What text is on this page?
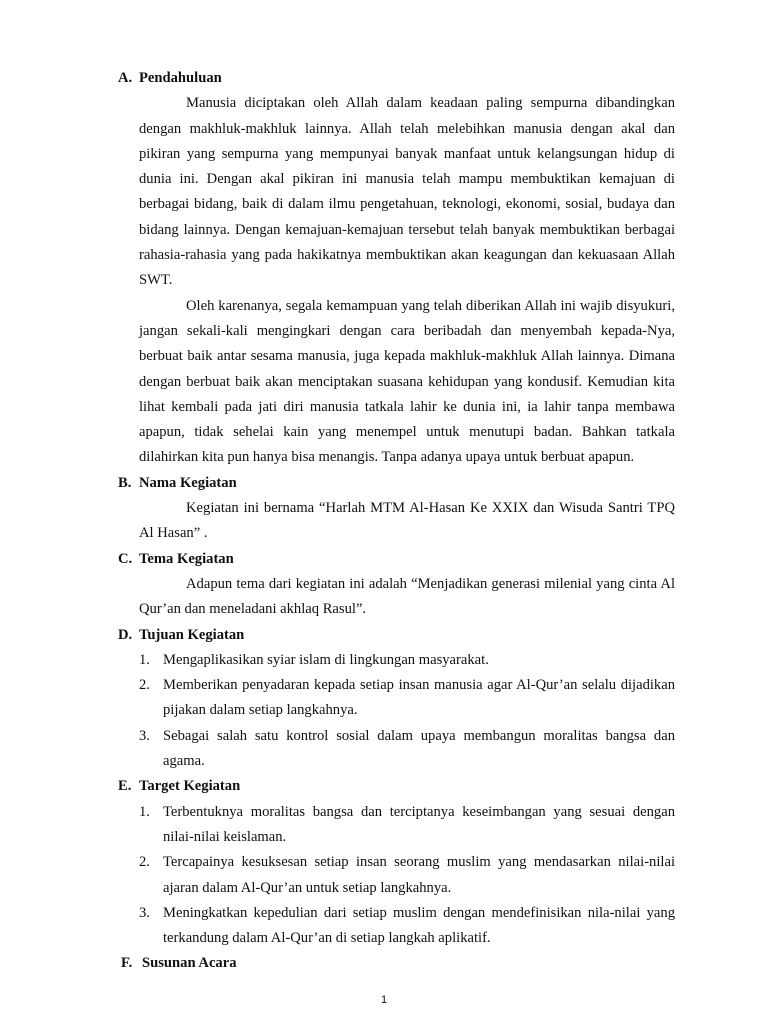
A. Pendahuluan

Manusia diciptakan oleh Allah dalam keadaan paling sempurna dibandingkan dengan makhluk-makhluk lainnya. Allah telah melebihkan manusia dengan akal dan pikiran yang sempurna yang mempunyai banyak manfaat untuk kelangsungan hidup di dunia ini. Dengan akal pikiran ini manusia telah mampu membuktikan kemajuan di berbagai bidang, baik di dalam ilmu pengetahuan, teknologi, ekonomi, sosial, budaya dan bidang lainnya. Dengan kemajuan-kemajuan tersebut telah banyak membuktikan berbagai rahasia-rahasia yang pada hakikatnya membuktikan akan keagungan dan kekuasaan Allah SWT.

Oleh karenanya, segala kemampuan yang telah diberikan Allah ini wajib disyukuri, jangan sekali-kali mengingkari dengan cara beribadah dan menyembah kepada-Nya, berbuat baik antar sesama manusia, juga kepada makhluk-makhluk Allah lainnya. Dimana dengan berbuat baik akan menciptakan suasana kehidupan yang kondusif. Kemudian kita lihat kembali pada jati diri manusia tatkala lahir ke dunia ini, ia lahir tanpa membawa apapun, tidak sehelai kain yang menempel untuk menutupi badan. Bahkan tatkala dilahirkan kita pun hanya bisa menangis. Tanpa adanya upaya untuk berbuat apapun.

B. Nama Kegiatan

Kegiatan ini bernama “Harlah MTM Al-Hasan Ke XXIX dan Wisuda Santri TPQ Al Hasan” .

C. Tema Kegiatan

Adapun tema dari kegiatan ini adalah “Menjadikan generasi milenial yang cinta Al Qur’an dan meneladani akhlaq Rasul”.

D. Tujuan Kegiatan
1. Mengaplikasikan syiar islam di lingkungan masyarakat.
2. Memberikan penyadaran kepada setiap insan manusia agar Al-Qur’an selalu dijadikan pijakan dalam setiap langkahnya.
3. Sebagai salah satu kontrol sosial dalam upaya membangun moralitas bangsa dan agama.
E. Target Kegiatan
1. Terbentuknya moralitas bangsa dan terciptanya keseimbangan yang sesuai dengan nilai-nilai keislaman.
2. Tercapainya kesuksesan setiap insan seorang muslim yang mendasarkan nilai-nilai ajaran dalam Al-Qur’an untuk setiap langkahnya.
3. Meningkatkan kepedulian dari setiap muslim dengan mendefinisikan nila-nilai yang terkandung dalam Al-Qur’an di setiap langkah aplikatif.
F. Susunan Acara
1
